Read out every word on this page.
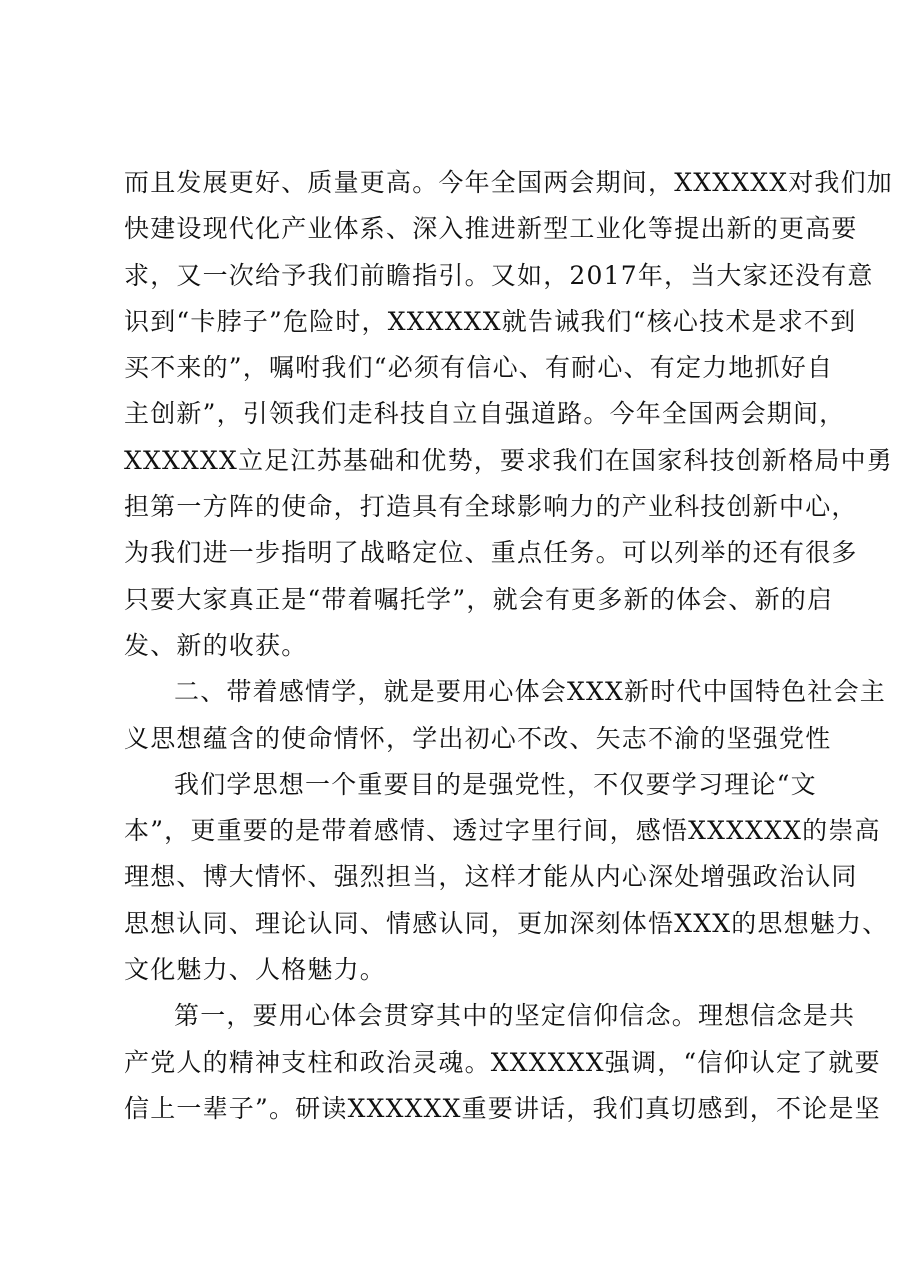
而且发展更好、质量更高。今年全国两会期间，XXXXXX对我们加
快建设现代化产业体系、深入推进新型工业化等提出新的更高要
求，又一次给予我们前瞻指引。又如，2017年，当大家还没有意
识到“卡脖子”危险时，XXXXXX就告诫我们“核心技术是求不到
买不来的”，嘱咐我们“必须有信心、有耐心、有定力地抓好自
主创新”，引领我们走科技自立自强道路。今年全国两会期间，
XXXXXX立足江苏基础和优势，要求我们在国家科技创新格局中勇
担第一方阵的使命，打造具有全球影响力的产业科技创新中心，
为我们进一步指明了战略定位、重点任务。可以列举的还有很多
只要大家真正是“带着嘱托学”，就会有更多新的体会、新的启
发、新的收获。
二、带着感情学，就是要用心体会XXX新时代中国特色社会主
义思想蕴含的使命情怀，学出初心不改、矢志不渝的坚强党性
我们学思想一个重要目的是强党性，不仅要学习理论“文
本”，更重要的是带着感情、透过字里行间，感悟XXXXXX的崇高
理想、博大情怀、强烈担当，这样才能从内心深处增强政治认同
思想认同、理论认同、情感认同，更加深刻体悟XXX的思想魅力、
文化魅力、人格魅力。
第一，要用心体会贯穿其中的坚定信仰信念。理想信念是共
产党人的精神支柱和政治灵魂。XXXXXX强调，“信仰认定了就要
信上一辈子”。研读XXXXXX重要讲话，我们真切感到，不论是坚
